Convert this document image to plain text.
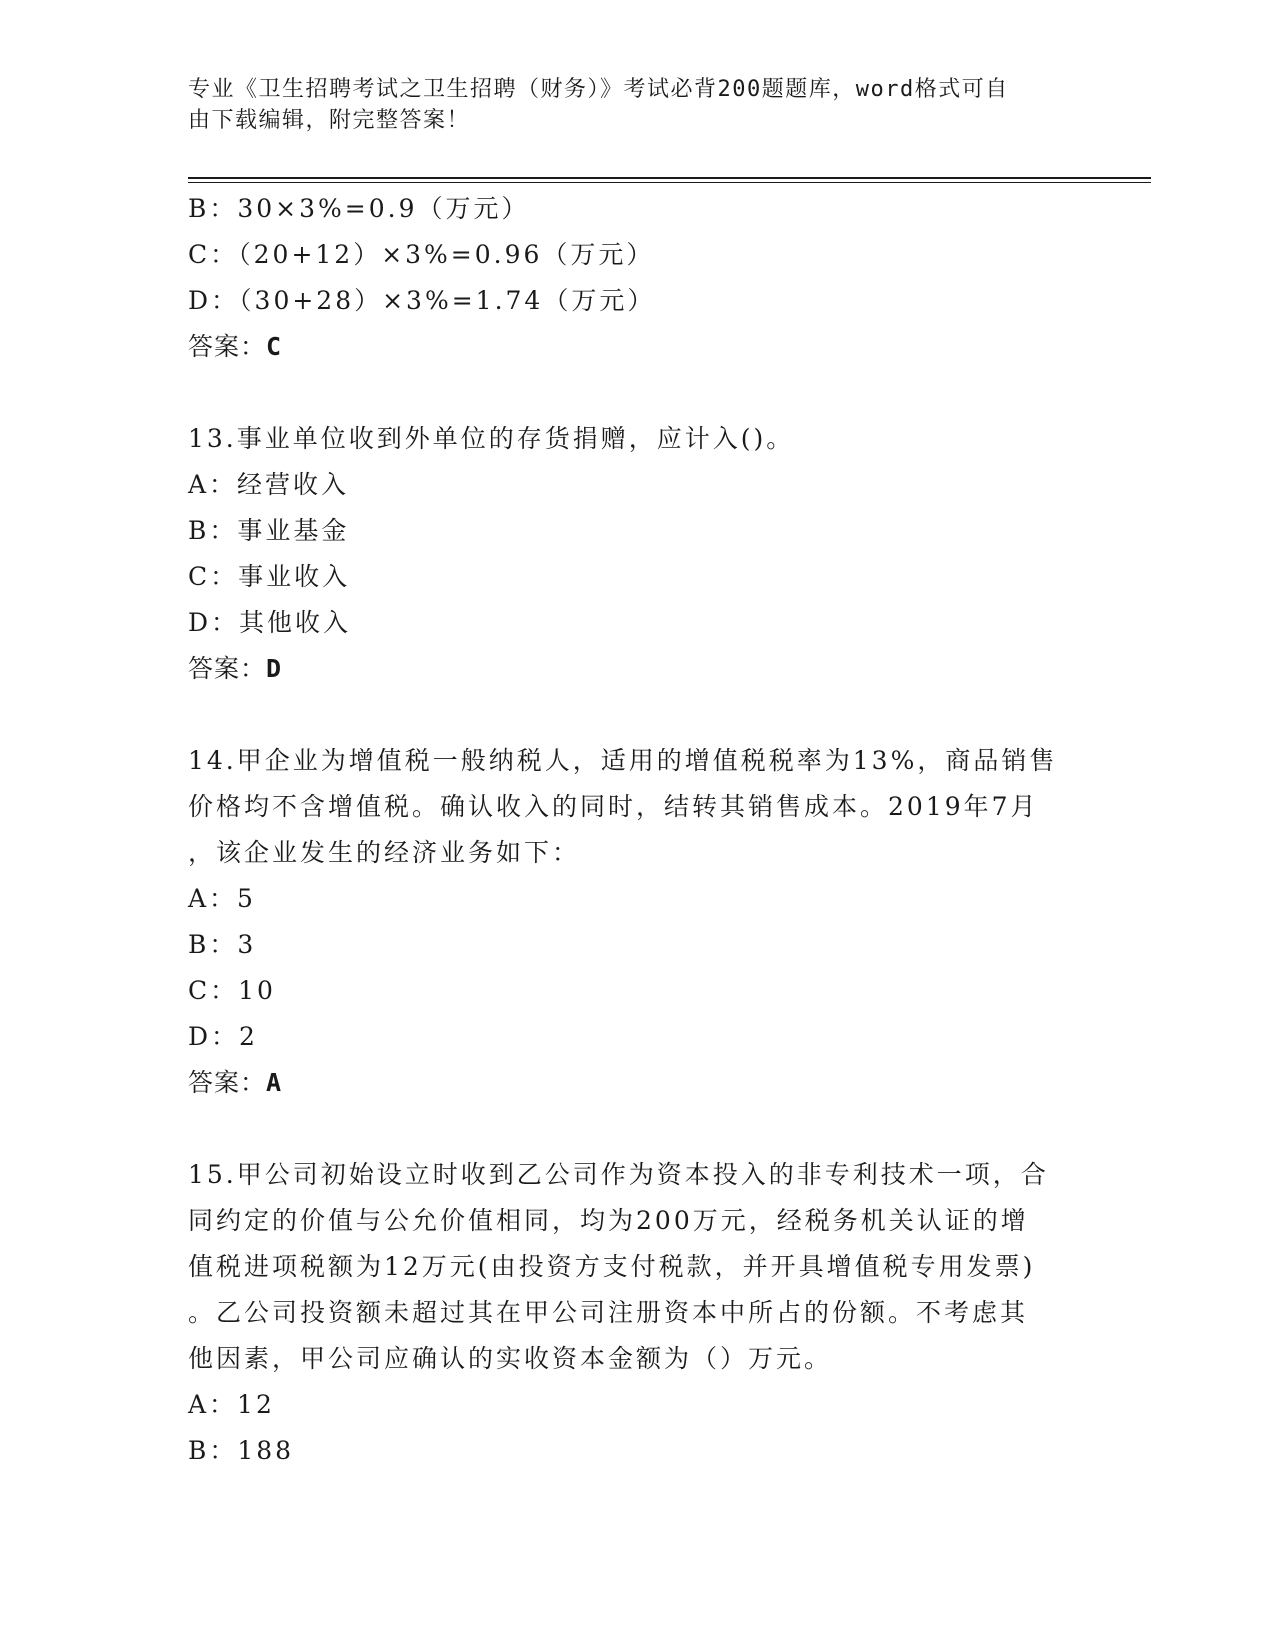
专业《卫生招聘考试之卫生招聘（财务）》考试必背200题题库，word格式可自
由下载编辑，附完整答案！
B：30×3%=0.9（万元）
C：（20+12）×3%=0.96（万元）
D：（30+28）×3%=1.74（万元）
答案：C
13.事业单位收到外单位的存货捐赠，应计入()。
A：经营收入
B：事业基金
C：事业收入
D：其他收入
答案：D
14.甲企业为增值税一般纳税人，适用的增值税税率为13%，商品销售
价格均不含增值税。确认收入的同时，结转其销售成本。2019年7月
，该企业发生的经济业务如下：
A：5
B：3
C：10
D：2
答案：A
15.甲公司初始设立时收到乙公司作为资本投入的非专利技术一项，合
同约定的价值与公允价值相同，均为200万元，经税务机关认证的增
值税进项税额为12万元(由投资方支付税款，并开具增值税专用发票)
。乙公司投资额未超过其在甲公司注册资本中所占的份额。不考虑其
他因素，甲公司应确认的实收资本金额为（）万元。
A：12
B：188
